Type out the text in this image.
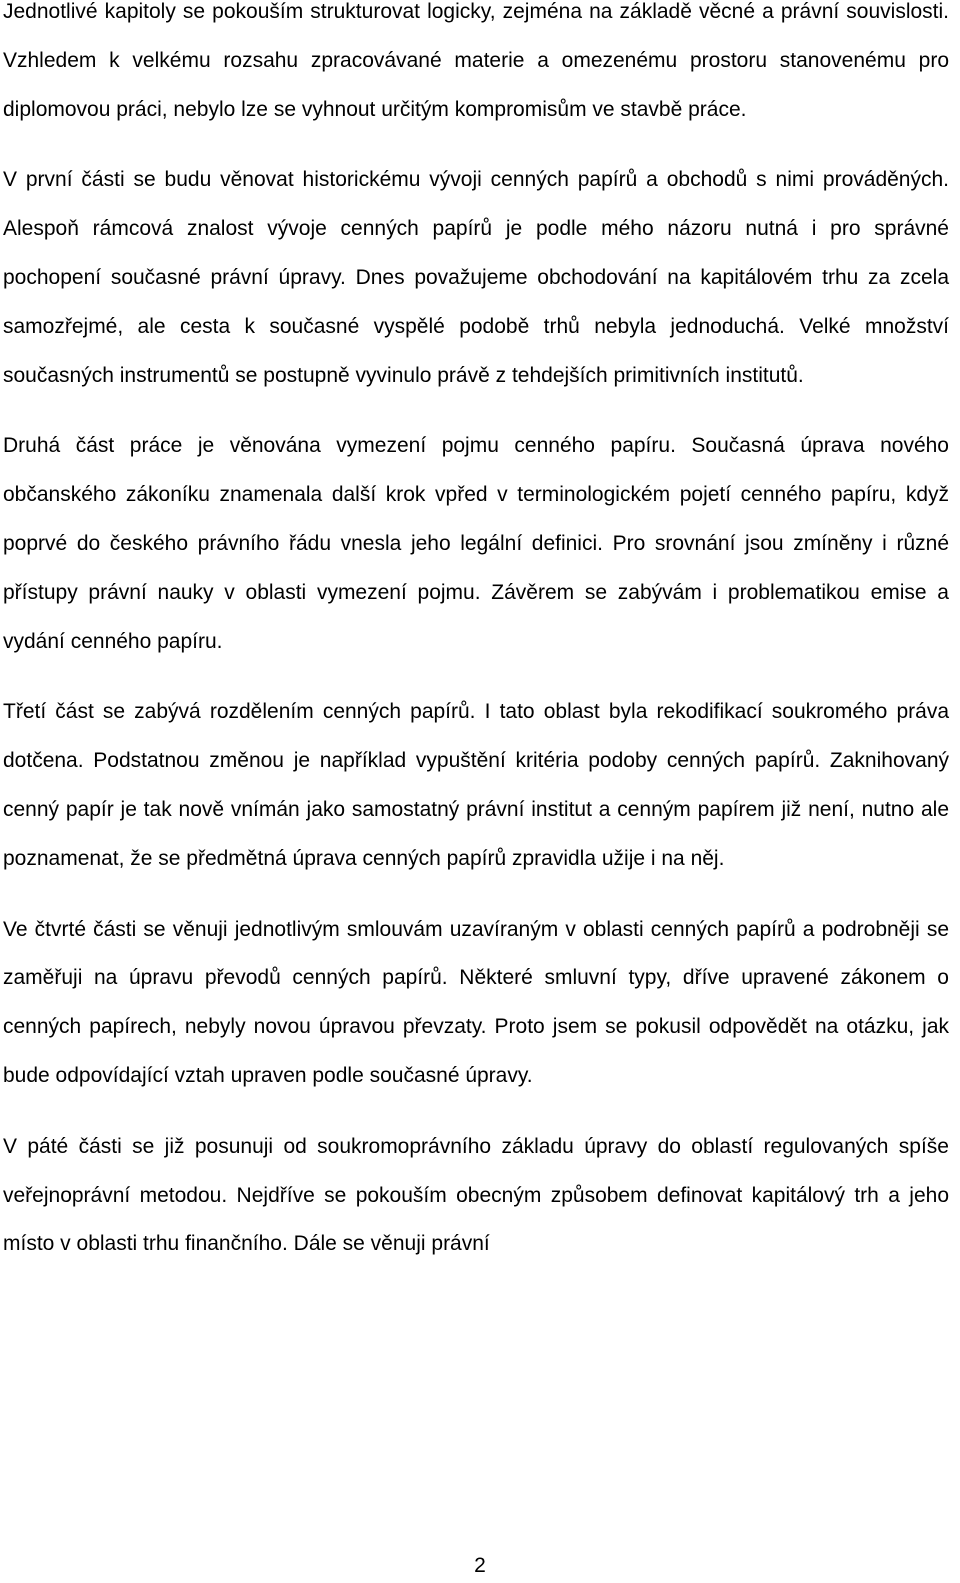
Jednotlivé kapitoly se pokouším strukturovat logicky, zejména na základě věcné a právní souvislosti. Vzhledem k velkému rozsahu zpracovávané materie a omezenému prostoru stanovenému pro diplomovou práci, nebylo lze se vyhnout určitým kompromisům ve stavbě práce.

V první části se budu věnovat historickému vývoji cenných papírů a obchodů s nimi prováděných. Alespoň rámcová znalost vývoje cenných papírů je podle mého názoru nutná i pro správné pochopení současné právní úpravy. Dnes považujeme obchodování na kapitálovém trhu za zcela samozřejmé, ale cesta k současné vyspělé podobě trhů nebyla jednoduchá. Velké množství současných instrumentů se postupně vyvinulo právě z tehdejších primitivních institutů.

Druhá část práce je věnována vymezení pojmu cenného papíru. Současná úprava nového občanského zákoníku znamenala další krok vpřed v terminologickém pojetí cenného papíru, když poprvé do českého právního řádu vnesla jeho legální definici. Pro srovnání jsou zmíněny i různé přístupy právní nauky v oblasti vymezení pojmu. Závěrem se zabývám i problematikou emise a vydání cenného papíru.

Třetí část se zabývá rozdělením cenných papírů. I tato oblast byla rekodifikací soukromého práva dotčena. Podstatnou změnou je například vypuštění kritéria podoby cenných papírů. Zaknihovaný cenný papír je tak nově vnímán jako samostatný právní institut a cenným papírem již není, nutno ale poznamenat, že se předmětná úprava cenných papírů zpravidla užije i na něj.

Ve čtvrté části se věnuji jednotlivým smlouvám uzavíraným v oblasti cenných papírů a podrobněji se zaměřuji na úpravu převodů cenných papírů. Některé smluvní typy, dříve upravené zákonem o cenných papírech, nebyly novou úpravou převzaty. Proto jsem se pokusil odpovědět na otázku, jak bude odpovídající vztah upraven podle současné úpravy.

V páté části se již posunuji od soukromoprávního základu úpravy do oblastí regulovaných spíše veřejnoprávní metodou. Nejdříve se pokouším obecným způsobem definovat kapitálový trh a jeho místo v oblasti trhu finančního. Dále se věnuji právní

2
